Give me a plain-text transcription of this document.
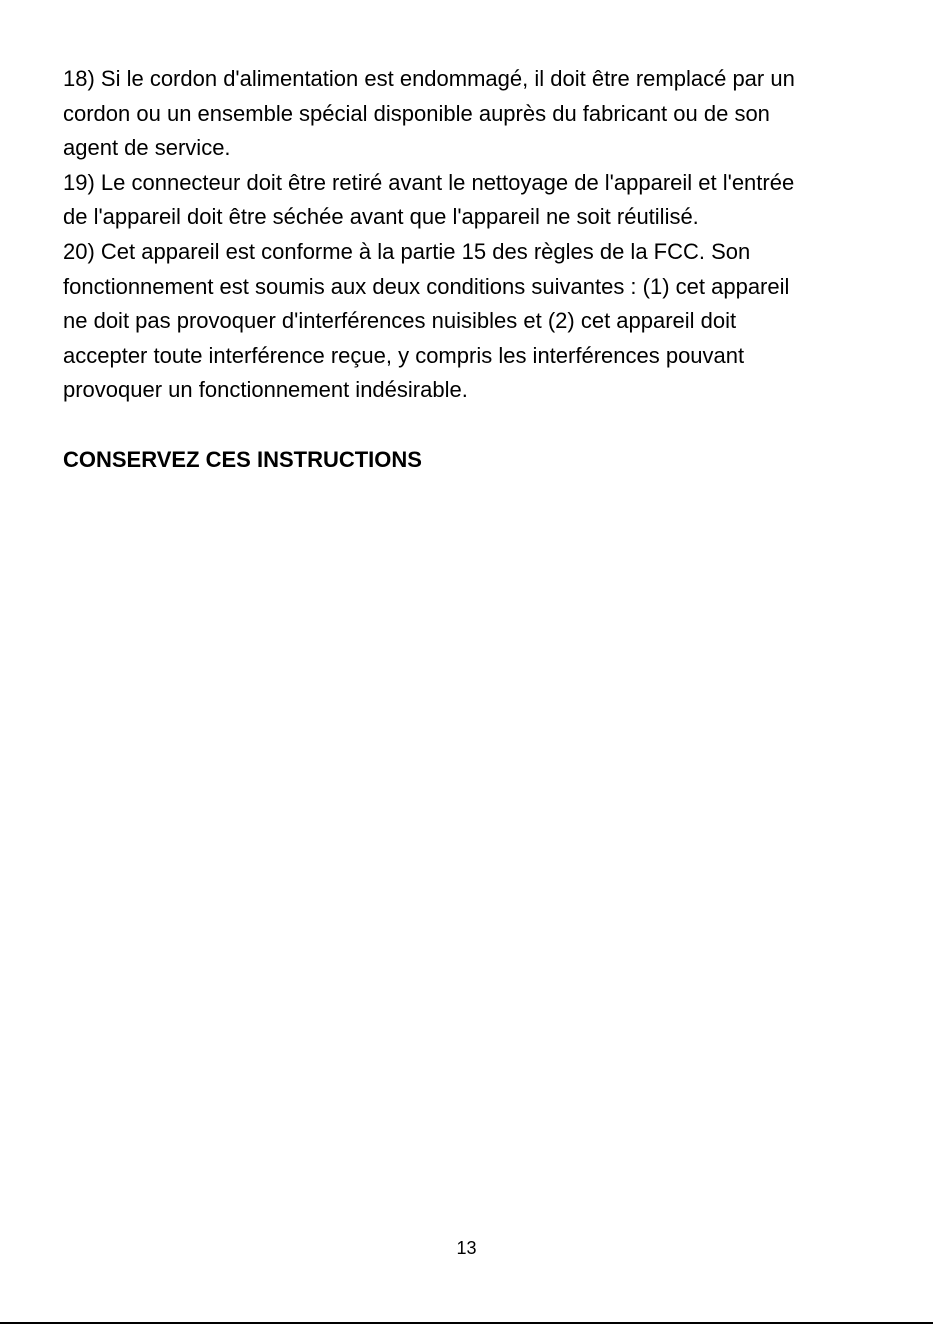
18) Si le cordon d'alimentation est endommagé, il doit être remplacé par un
cordon ou un ensemble spécial disponible auprès du fabricant ou de son
agent de service.

19) Le connecteur doit être retiré avant le nettoyage de l'appareil et l'entrée
de l'appareil doit être séchée avant que l'appareil ne soit réutilisé.

20) Cet appareil est conforme à la partie 15 des règles de la FCC. Son
fonctionnement est soumis aux deux conditions suivantes : (1) cet appareil
ne doit pas provoquer d'interférences nuisibles et (2) cet appareil doit
accepter toute interférence reçue, y compris les interférences pouvant
provoquer un fonctionnement indésirable.

CONSERVEZ CES INSTRUCTIONS
13
